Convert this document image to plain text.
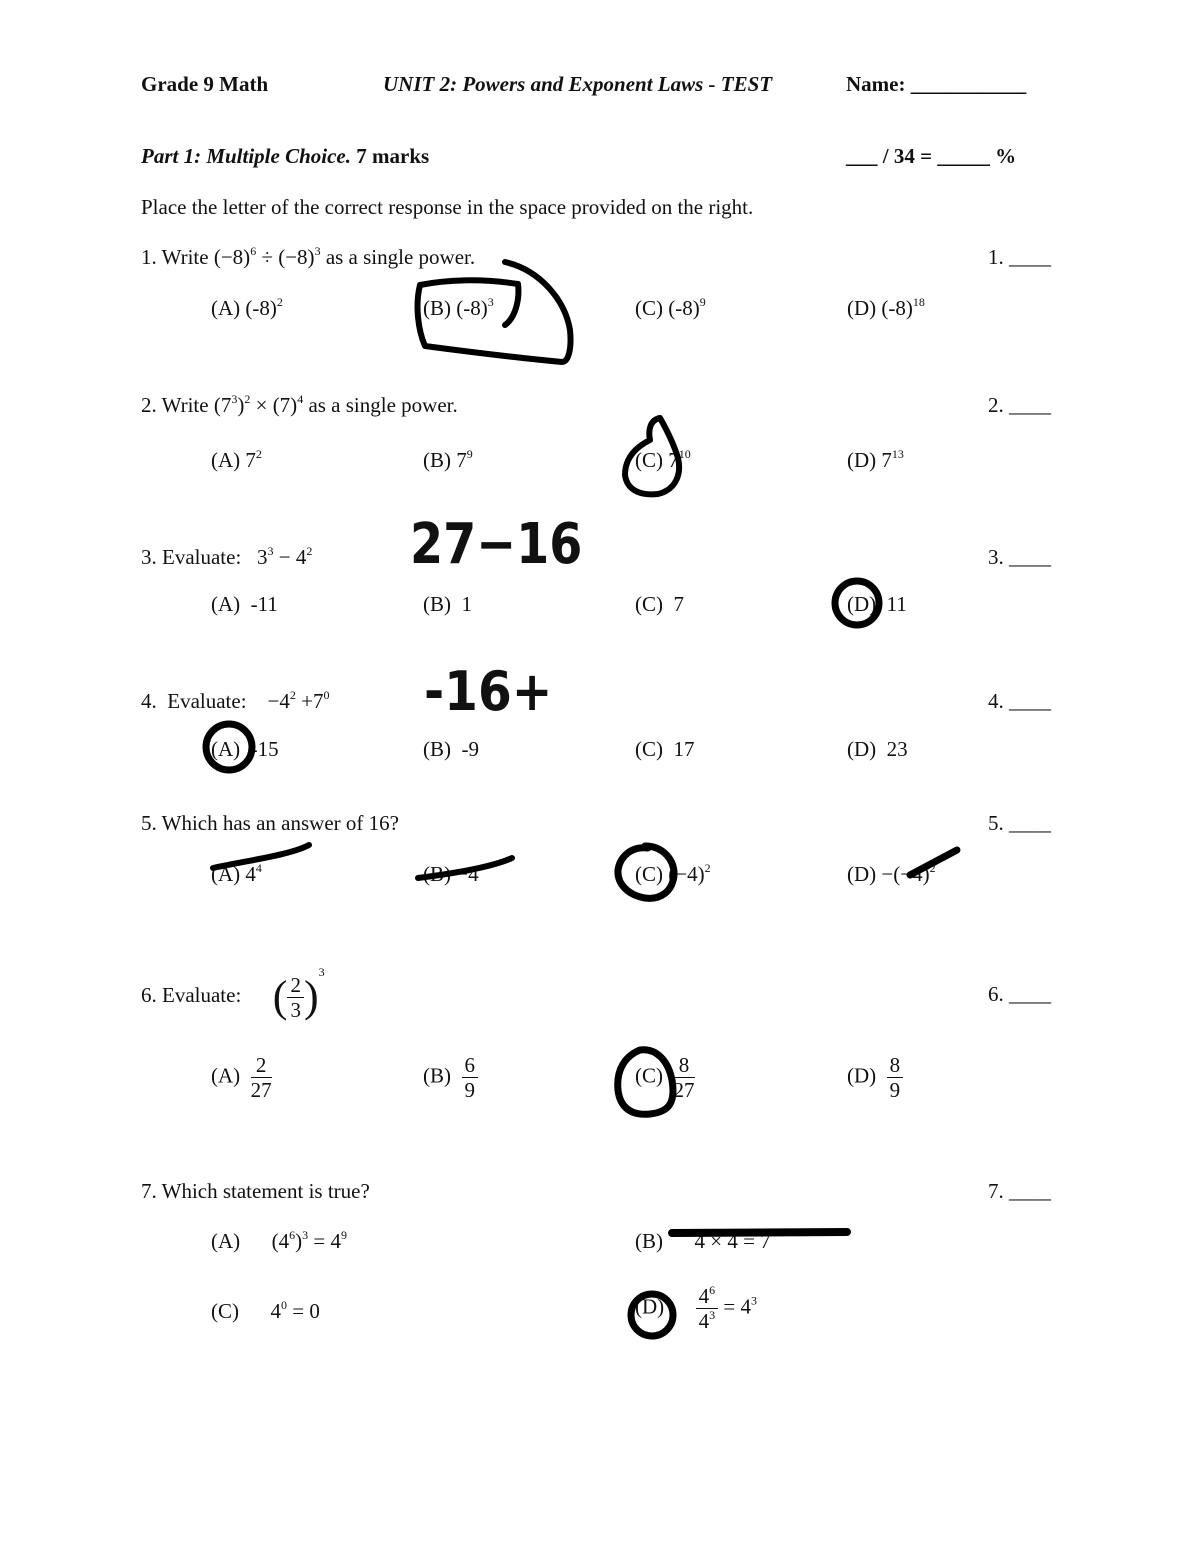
Grade 9 Math	UNIT 2: Powers and Exponent Laws - TEST	Name: ___________
Part 1: Multiple Choice. 7 marks	___ / 34 = _____ %
Place the letter of the correct response in the space provided on the right.
1. Write $(-8)^6 \div (-8)^3$ as a single power.	1. ____
(A) $(-8)^2$	(B) $(-8)^3$	(C) $(-8)^9$	(D) $(-8)^{18}$
2. Write $(7^3)^2 \times (7)^4$ as a single power.	2. ____
(A) $7^2$	(B) $7^9$	(C) $7^{10}$	(D) $7^{13}$
3. Evaluate: $3^3 - 4^2$	3. ____
(A) -11	(B) 1	(C) 7	(D) 11
4. Evaluate: $-4^2 +7^0$	4. ____
(A) -15	(B) -9	(C) 17	(D) 23
5. Which has an answer of 16?	5. ____
(A) $4^4$	(B) −4	(C) $(-4)^2$	$(D) -(-4)^2$
6. Evaluate: ( $\frac{2}{3} )^3$
6. ____
$(A) \frac{2}{27}$	$(B) \frac{6}{9}$	$(C) \frac{8}{27}$	$(D) \frac{8}{9}$
7. Which statement is true?	7. ____
(A) $(4^6)^3 = 4^9$	(B) 4 × 4 = 7
(C) $4^0 = 0$	$(D) \frac{4^6}{4^3} = 4^3$
27−16
-16+
